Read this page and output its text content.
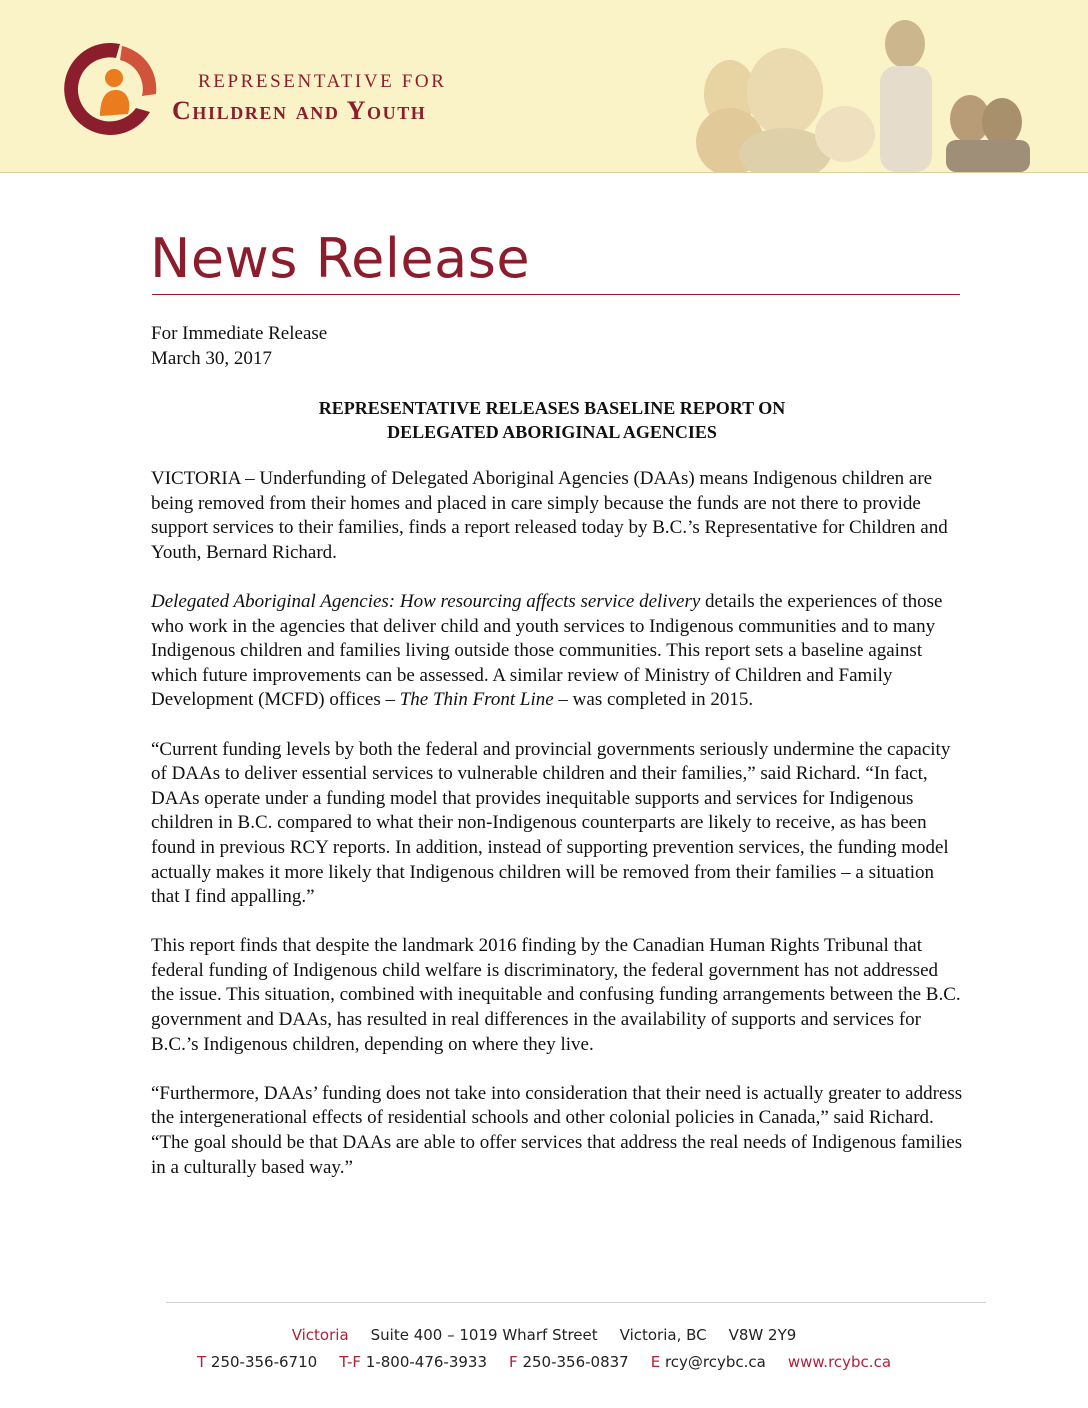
REPRESENTATIVE FOR
Children and Youth
News Release
For Immediate Release
March 30, 2017
REPRESENTATIVE RELEASES BASELINE REPORT ON
DELEGATED ABORIGINAL AGENCIES

VICTORIA – Underfunding of Delegated Aboriginal Agencies (DAAs) means Indigenous children are being removed from their homes and placed in care simply because the funds are not there to provide support services to their families, finds a report released today by B.C.’s Representative for Children and Youth, Bernard Richard.

Delegated Aboriginal Agencies: How resourcing affects service delivery details the experiences of those who work in the agencies that deliver child and youth services to Indigenous communities and to many Indigenous children and families living outside those communities. This report sets a baseline against which future improvements can be assessed. A similar review of Ministry of Children and Family Development (MCFD) offices – The Thin Front Line – was completed in 2015.

“Current funding levels by both the federal and provincial governments seriously undermine the capacity of DAAs to deliver essential services to vulnerable children and their families,” said Richard. “In fact, DAAs operate under a funding model that provides inequitable supports and services for Indigenous children in B.C. compared to what their non-Indigenous counterparts are likely to receive, as has been found in previous RCY reports. In addition, instead of supporting prevention services, the funding model actually makes it more likely that Indigenous children will be removed from their families – a situation that I find appalling.”

This report finds that despite the landmark 2016 finding by the Canadian Human Rights Tribunal that federal funding of Indigenous child welfare is discriminatory, the federal government has not addressed the issue. This situation, combined with inequitable and confusing funding arrangements between the B.C. government and DAAs, has resulted in real differences in the availability of supports and services for B.C.’s Indigenous children, depending on where they live.

“Furthermore, DAAs’ funding does not take into consideration that their need is actually greater to address the intergenerational effects of residential schools and other colonial policies in Canada,” said Richard. “The goal should be that DAAs are able to offer services that address the real needs of Indigenous families in a culturally based way.”

Victoria Suite 400 – 1019 Wharf Street Victoria, BC V8W 2Y9
T 250-356-6710 T-F 1-800-476-3933 F 250-356-0837 E rcy@rcybc.ca www.rcybc.ca
